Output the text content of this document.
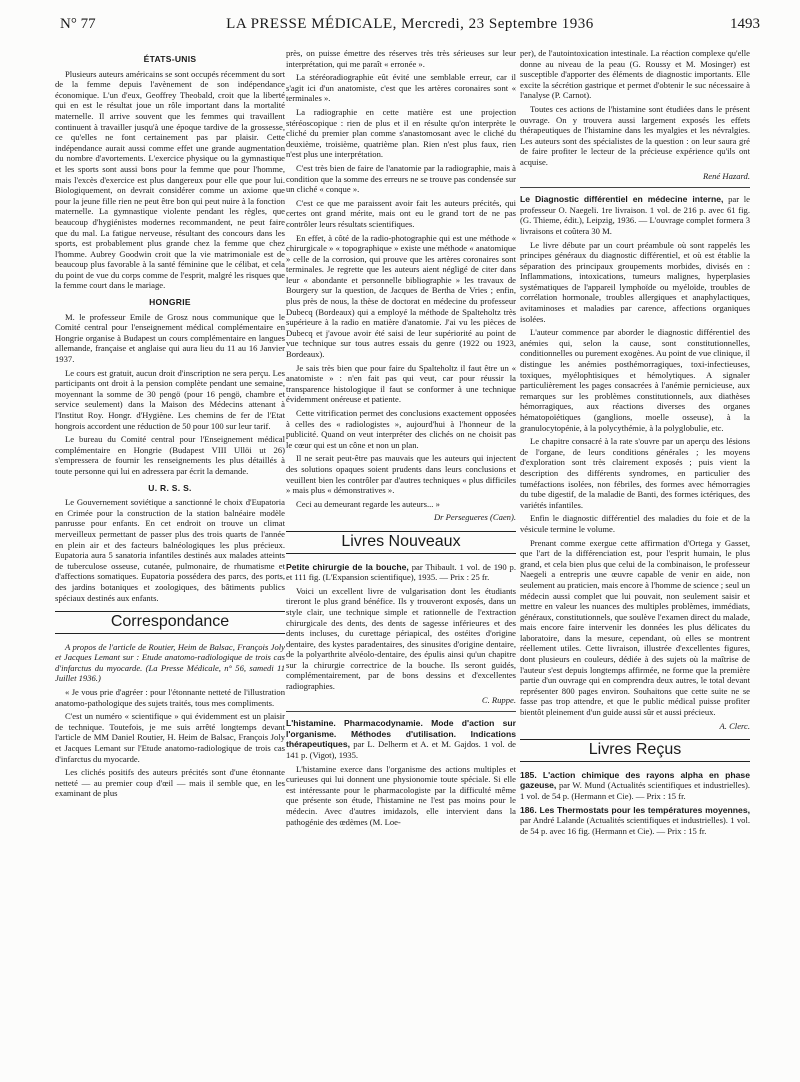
N° 77	LA PRESSE MÉDICALE, Mercredi, 23 Septembre 1936	1493
ÉTATS-UNIS

Plusieurs auteurs américains se sont occupés récemment du sort de la femme depuis l'avènement de son indépendance économique. L'un d'eux, Geoffrey Theobald, croit que la liberté qui en est le résultat joue un rôle important dans la mortalité maternelle. Il arrive souvent que les femmes qui travaillent continuent à travailler jusqu'à une époque tardive de la grossesse, ce qu'elles ne font certainement pas par plaisir. Cette indépendance aurait aussi comme effet une grande augmentation du nombre d'avortements. L'exercice physique ou la gymnastique et les sports sont aussi bons pour la femme que pour l'homme, mais l'excès d'exercice est plus dangereux pour elle que pour lui. Biologiquement, on devrait considérer comme un axiome que pour la jeune fille rien ne peut être bon qui peut nuire à la fonction maternelle. La gymnastique violente pendant les règles, que beaucoup d'hygiénistes modernes recommandent, ne peut faire que du mal. La fatigue nerveuse, résultant des concours dans les sports, est probablement plus grande chez la femme que chez l'homme. Aubrey Goodwin croit que la vie matrimoniale est de beaucoup plus favorable à la santé féminine que le célibat, et cela du point de vue du corps comme de l'esprit, malgré les risques que la femme court dans le mariage.

HONGRIE

M. le professeur Emile de Grosz nous communique que le Comité central pour l'enseignement médical complémentaire en Hongrie organise à Budapest un cours complémentaire en langues allemande, française et anglaise qui aura lieu du 11 au 16 Janvier 1937.

Le cours est gratuit, aucun droit d'inscription ne sera perçu. Les participants ont droit à la pension complète pendant une semaine, moyennant la somme de 30 pengö (pour 16 pengö, chambre et service seulement) dans la Maison des Médecins attenant à l'Institut Roy. Hongr. d'Hygiène. Les chemins de fer de l'Etat hongrois accordent une réduction de 50 pour 100 sur leur tarif.

Le bureau du Comité central pour l'Enseignement médical complémentaire en Hongrie (Budapest VIII Ullöi ut 26) s'empressera de fournir les renseignements les plus détaillés à toute personne qui lui en adressera par écrit la demande.

U. R. S. S.

Le Gouvernement soviétique a sanctionné le choix d'Eupatoria en Crimée pour la construction de la station balnéaire modèle panrusse pour enfants. En cet endroit on trouve un climat merveilleux permettant de passer plus des trois quarts de l'année en plein air et des facteurs balnéologiques les plus précieux. Eupatoria aura 5 sanatoria infantiles destinés aux malades atteints de tuberculose osseuse, cutanée, pulmonaire, de rhumatisme et d'affections somatiques. Eupatoria possédera des parcs, des ports, des jardins botaniques et zoologiques, des bâtiments publics spéciaux destinés aux enfants.

Correspondance

A propos de l'article de Routier, Heim de Balsac, François Joly et Jacques Lemant sur : Etude anatomo-radiologique de trois cas d'infarctus du myocarde. (La Presse Médicale, n° 56, samedi 11 Juillet 1936.)

« Je vous prie d'agréer : pour l'étonnante netteté de l'illustration anatomo-pathologique des sujets traités, tous mes compliments.

C'est un numéro « scientifique » qui évidemment est un plaisir de technique. Toutefois, je me suis arrêté longtemps devant l'article de MM Daniel Routier, H. Heim de Balsac, François Joly et Jacques Lemant sur l'Etude anatomo-radiologique de trois cas d'infarctus du myocarde.

Les clichés positifs des auteurs précités sont d'une étonnante netteté — au premier coup d'œil — mais il semble que, en les examinant de plus

près, on puisse émettre des réserves très très sérieuses sur leur interprétation, qui me paraît « erronée ».

La stéréoradiographie eût évité une semblable erreur, car il s'agit ici d'un anatomiste, c'est que les artères coronaires sont « terminales ».

La radiographie en cette matière est une projection stéréoscopique : rien de plus et il en résulte qu'on interprète le cliché du premier plan comme s'anastomosant avec le cliché du deuxième, troisième, quatrième plan. Rien n'est plus faux, rien n'est plus une interprétation.

C'est très bien de faire de l'anatomie par la radiographie, mais à condition que la somme des erreurs ne se trouve pas condensée sur un cliché « conque ».

C'est ce que me paraissent avoir fait les auteurs précités, qui certes ont grand mérite, mais ont eu le grand tort de ne pas contrôler leurs résultats scientifiques.

En effet, à côté de la radio-photographie qui est une méthode « chirurgicale » « topographique » existe une méthode « anatomique » celle de la corrosion, qui prouve que les artères coronaires sont terminales. Je regrette que les auteurs aient négligé de citer dans leur « abondante et personnelle bibliographie » les travaux de Bourgery sur la question, de Jacques de Bertha de Vries ; enfin, plus près de nous, la thèse de doctorat en médecine du professeur Dubecq (Bordeaux) qui a employé la méthode de Spalteholtz très supérieure à la radio en matière d'anatomie. J'ai vu les pièces de Dubecq et j'avoue avoir été saisi de leur supériorité au point de vue technique sur tous autres essais du genre (1922 ou 1923, Bordeaux).

Je sais très bien que pour faire du Spalteholtz il faut être un « anatomiste » : n'en fait pas qui veut, car pour réussir la transparence histologique il faut se conformer à une technique évidemment onéreuse et patiente.

Cette vitrification permet des conclusions exactement opposées à celles des « radiologistes », aujourd'hui à l'honneur de la publicité. Quand on veut interpréter des clichés on ne choisit pas le cœur qui est un cône et non un plan.

Il ne serait peut-être pas mauvais que les auteurs qui injectent des solutions opaques soient prudents dans leurs conclusions et veuillent bien les contrôler par d'autres techniques « plus difficiles » mais plus « démonstratives ».

Ceci au demeurant regarde les auteurs... »

Dr Persegueres (Caen).
Livres Nouveaux

Petite chirurgie de la bouche, par Thibault. 1 vol. de 190 p. et 111 fig. (L'Expansion scientifique), 1935. — Prix : 25 fr.

Voici un excellent livre de vulgarisation dont les étudiants tireront le plus grand bénéfice. Ils y trouveront exposés, dans un style clair, une technique simple et rationnelle de l'extraction chirurgicale des dents, des dents de sagesse inférieures et des dents incluses, du curettage périapical, des ostéites d'origine dentaire, des kystes paradentaires, des sinusites d'origine dentaire, de la polyarthrite alvéolo-dentaire, des épulis ainsi qu'un chapitre sur la chirurgie correctrice de la bouche. Ils seront guidés, complémentairement, par de bons dessins et d'excellentes radiographies.

C. Ruppe.

L'histamine. Pharmacodynamie. Mode d'action sur l'organisme. Méthodes d'utilisation. Indications thérapeutiques, par L. Delherm et A. et M. Gajdos. 1 vol. de 141 p. (Vigot), 1935.

L'histamine exerce dans l'organisme des actions multiples et curieuses qui lui donnent une physionomie toute spéciale. Si elle est intéressante pour le pharmacologiste par la difficulté même que présente son étude, l'histamine ne l'est pas moins pour le médecin. Avec d'autres imidazols, elle intervient dans la pathogénie des œdèmes (M. Loe-

per), de l'autointoxication intestinale. La réaction complexe qu'elle donne au niveau de la peau (G. Roussy et M. Mosinger) est susceptible d'apporter des éléments de diagnostic importants. Elle excite la sécrétion gastrique et permet d'obtenir le suc nécessaire à l'analyse (P. Carnot).

Toutes ces actions de l'histamine sont étudiées dans le présent ouvrage. On y trouvera aussi largement exposés les effets thérapeutiques de l'histamine dans les myalgies et les névralgies. Les auteurs sont des spécialistes de la question : on leur saura gré de faire profiter le lecteur de la précieuse expérience qu'ils ont acquise.

René Hazard.

Le Diagnostic différentiel en médecine interne, par le professeur O. Naegeli. 1re livraison. 1 vol. de 216 p. avec 61 fig. (G. Thieme, édit.), Leipzig, 1936. — L'ouvrage complet formera 3 livraisons et coûtera 30 M.

Le livre débute par un court préambule où sont rappelés les principes généraux du diagnostic différentiel, et où est établie la séparation des principaux groupements morbides, divisés en : Inflammations, intoxications, tumeurs malignes, hyperplasies systématiques de l'appareil lymphoïde ou myéloïde, troubles de corrélation hormonale, troubles allergiques et anaphylactiques, avitaminoses et maladies par carence, affections organiques isolées.

L'auteur commence par aborder le diagnostic différentiel des anémies qui, selon la cause, sont constitutionnelles, conditionnelles ou purement exogènes. Au point de vue clinique, il distingue les anémies posthémorragiques, toxi-infectieuses, toxiques, myélophtisiques et hémolytiques. A signaler particulièrement les pages consacrées à l'anémie pernicieuse, aux remarques sur les problèmes constitutionnels, aux diathèses hémorragiques, aux réactions diverses des organes hématopoïétiques (ganglions, moelle osseuse), à la granulocytopénie, à la polycythémie, à la polyglobulie, etc.

Le chapitre consacré à la rate s'ouvre par un aperçu des lésions de l'organe, de leurs conditions générales ; les moyens d'exploration sont très clairement exposés ; puis vient la description des différents syndromes, en particulier des tuméfactions isolées, non fébriles, des formes avec hémorragies du tube digestif, de la maladie de Banti, des formes ictériques, des variétés infantiles.

Enfin le diagnostic différentiel des maladies du foie et de la vésicule termine le volume.

Prenant comme exergue cette affirmation d'Ortega y Gasset, que l'art de la différenciation est, pour l'esprit humain, le plus grand, et cela bien plus que celui de la combinaison, le professeur Naegeli a entrepris une œuvre capable de venir en aide, non seulement au praticien, mais encore à l'homme de science ; seul un médecin aussi complet que lui pouvait, non seulement saisir et mettre en valeur les nuances des multiples problèmes, immédiats, généraux, constitutionnels, que soulève l'examen direct du malade, mais encore faire intervenir les données les plus délicates du laboratoire, dans la mesure, cependant, où elles se montrent réellement utiles. Cette livraison, illustrée d'excellentes figures, dont plusieurs en couleurs, dédiée à des sujets où la maîtrise de l'auteur s'est depuis longtemps affirmée, ne forme que la première partie d'un ouvrage qui en comprendra deux autres, le total devant représenter 800 pages environ. Souhaitons que cette suite ne se fasse pas trop attendre, et que le public médical puisse profiter bientôt pleinement d'un guide aussi sûr et aussi précieux.

A. Clerc.
Livres Reçus

185. L'action chimique des rayons alpha en phase gazeuse, par W. Mund (Actualités scientifiques et industrielles). 1 vol. de 54 p. (Hermann et Cie). — Prix : 15 fr.

186. Les Thermostats pour les températures moyennes, par André Lalande (Actualités scientifiques et industrielles). 1 vol. de 54 p. avec 16 fig. (Hermann et Cie). — Prix : 15 fr.
